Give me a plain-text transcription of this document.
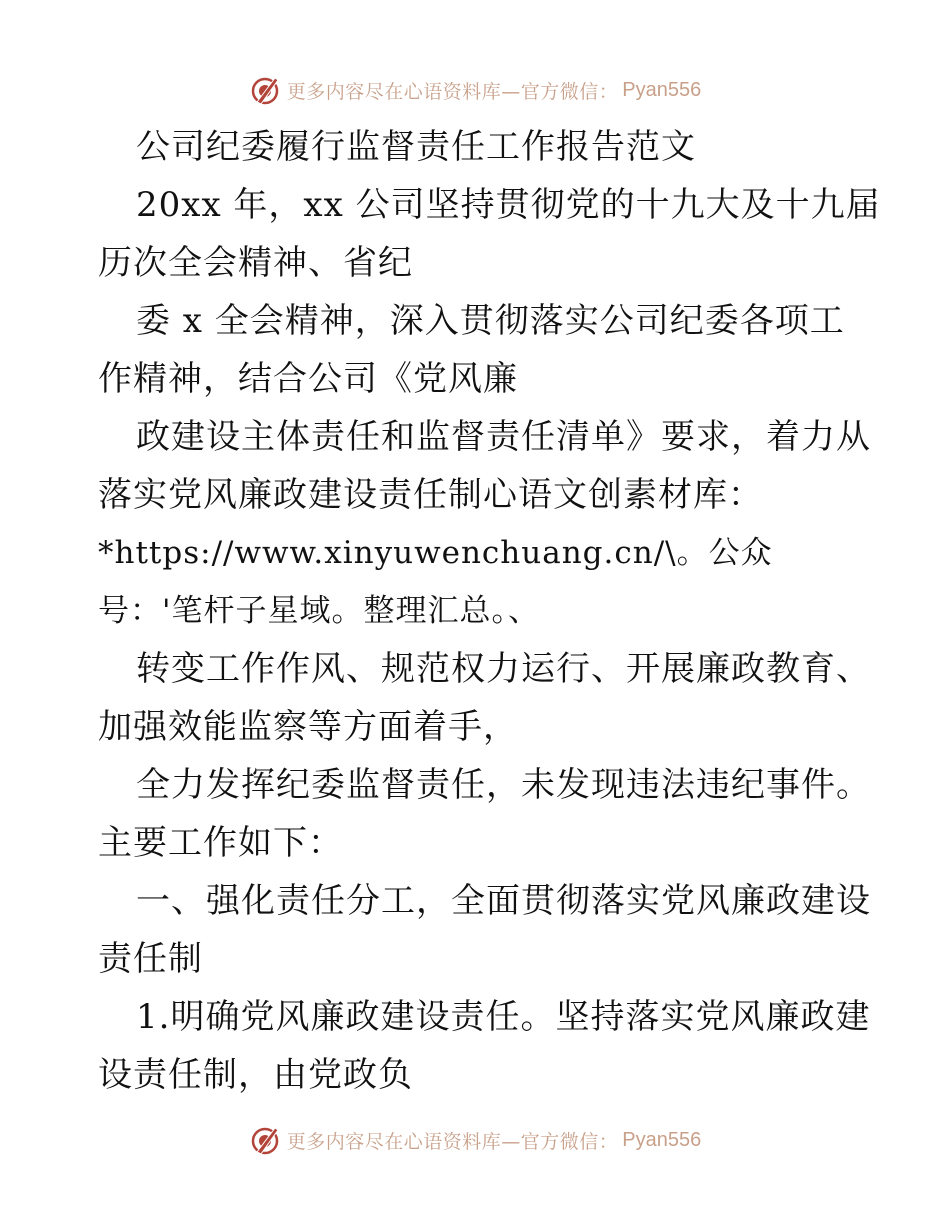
更多内容尽在心语资料库—官方微信： Pyan556
公司纪委履行监督责任工作报告范文
20xx 年，xx 公司坚持贯彻党的十九大及十九届
历次全会精神、省纪
委 x 全会精神，深入贯彻落实公司纪委各项工
作精神，结合公司《党风廉
政建设主体责任和监督责任清单》要求，着力从
落实党风廉政建设责任制心语文创素材库：
*https://www.xinyuwenchuang.cn/\。公众
号：'笔杆子星域。整理汇总。、
转变工作作风、规范权力运行、开展廉政教育、
加强效能监察等方面着手，
全力发挥纪委监督责任，未发现违法违纪事件。
主要工作如下：
一、强化责任分工，全面贯彻落实党风廉政建设
责任制
1.明确党风廉政建设责任。坚持落实党风廉政建
设责任制，由党政负
更多内容尽在心语资料库—官方微信： Pyan556
